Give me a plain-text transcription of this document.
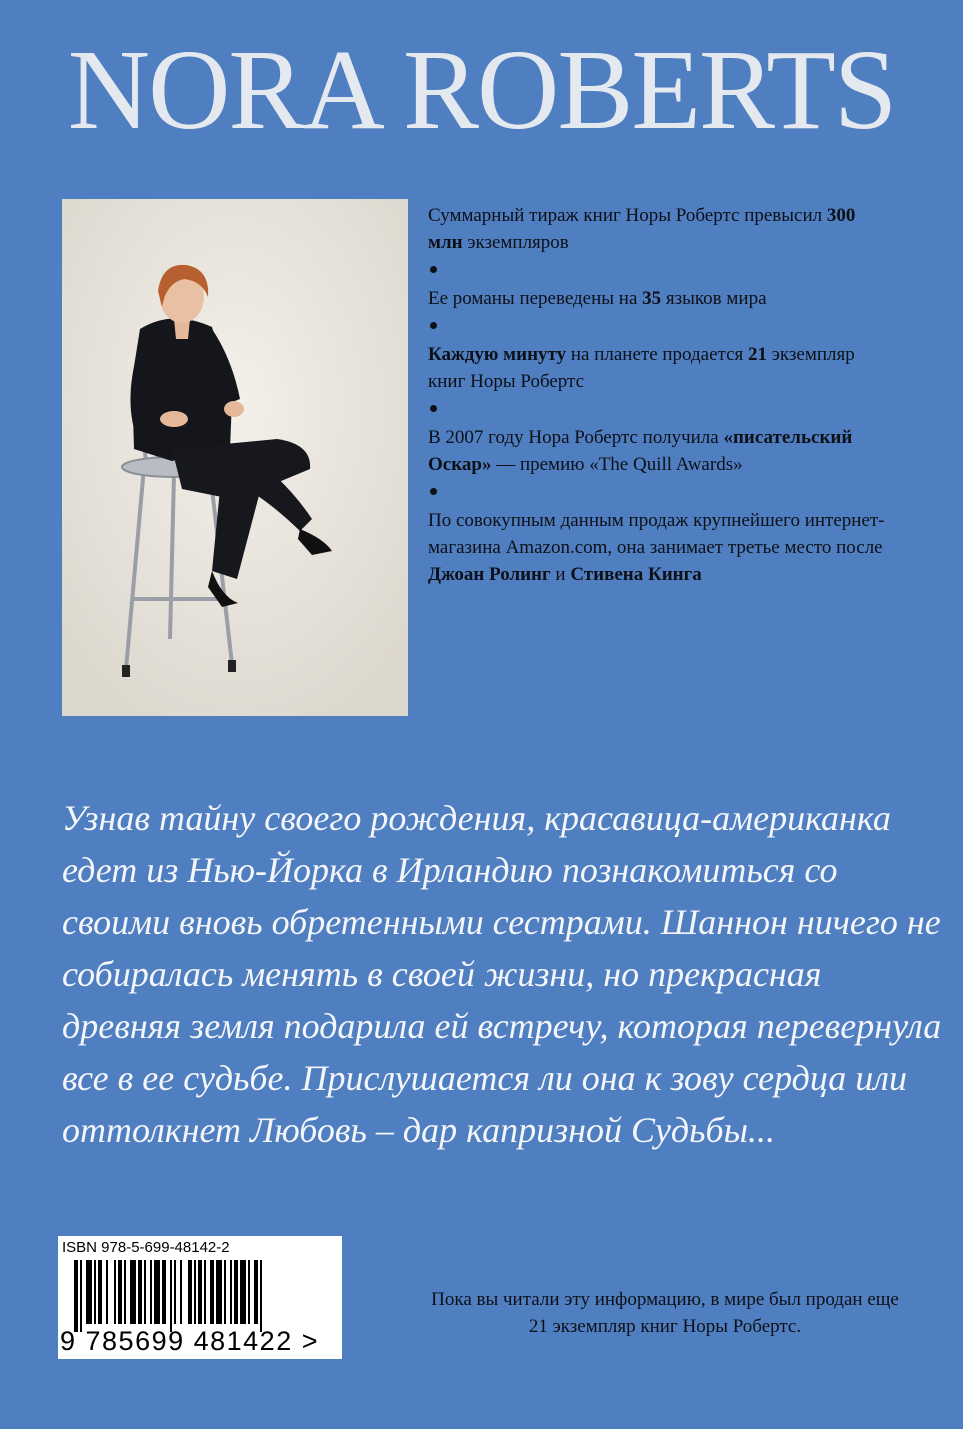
NORA ROBERTS

Суммарный тираж книг Норы Робертс превысил 300 млн экземпляров

Ее романы переведены на 35 языков мира

Каждую минуту на планете продается 21 экземпляр книг Норы Робертс

В 2007 году Нора Робертс получила «писательский Оскар» — премию «The Quill Awards»

По совокупным данным продаж крупнейшего интернет-магазина Amazon.com, она занимает третье место после Джоан Ролинг и Стивена Кинга

Узнав тайну своего рождения, красавица-американка едет из Нью-Йорка в Ирландию познакомиться со своими вновь обретенными сестрами. Шаннон ничего не собиралась менять в своей жизни, но прекрасная древняя земля подарила ей встречу, которая перевернула все в ее судьбе. Прислушается ли она к зову сердца или оттолкнет Любовь – дар капризной Судьбы...

ISBN 978-5-699-48142-2
9 785699 481422 >

Пока вы читали эту информацию, в мире был продан еще 21 экземпляр книг Норы Робертс.
